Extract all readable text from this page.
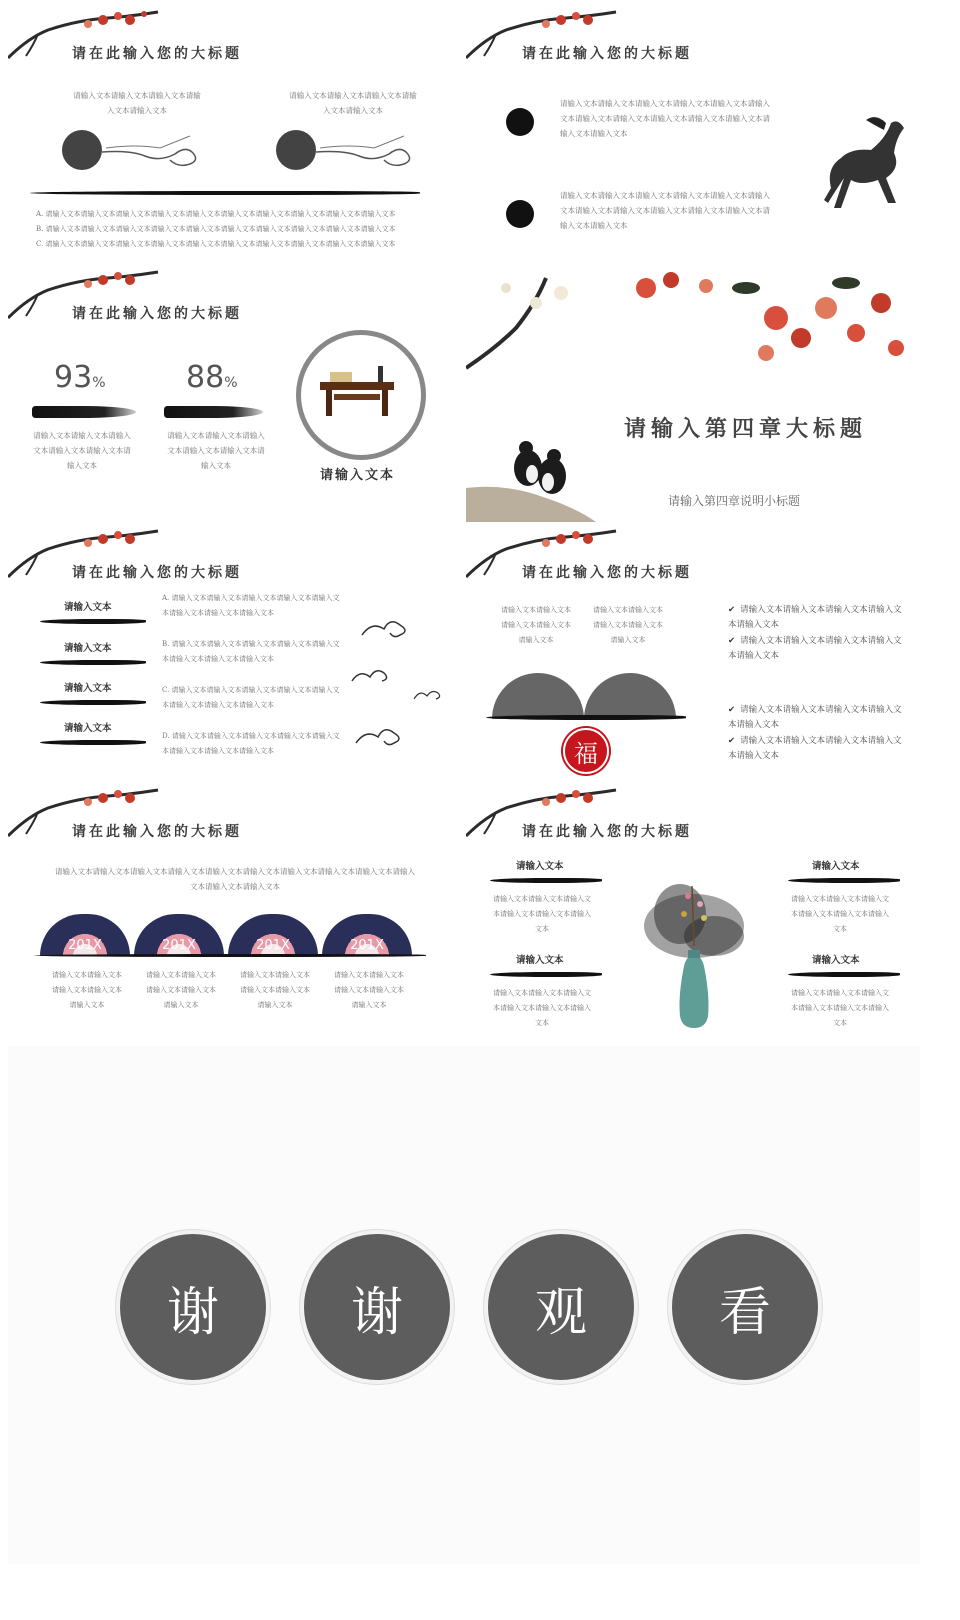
请在此输入您的大标题
请输入文本请输入文本请输入文本请输入文本请输入文本
请输入文本请输入文本请输入文本请输入文本请输入文本
A. 请输入文本请输入文本请输入文本请输入文本请输入文本请输入文本请输入文本请输入文本请输入文本请输入文本
B. 请输入文本请输入文本请输入文本请输入文本请输入文本请输入文本请输入文本请输入文本请输入文本请输入文本
C. 请输入文本请输入文本请输入文本请输入文本请输入文本请输入文本请输入文本请输入文本请输入文本请输入文本
请在此输入您的大标题
请输入文本请输入文本请输入文本请输入文本请输入文本请输入文本请输入文本请输入文本请输入文本请输入文本请输入文本请输入文本请输入文本
请输入文本请输入文本请输入文本请输入文本请输入文本请输入文本请输入文本请输入文本请输入文本请输入文本请输入文本请输入文本请输入文本
请在此输入您的大标题
93%	88%
请输入文本请输入文本请输入文本请输入文本请输入文本请输入文本
请输入文本请输入文本请输入文本请输入文本请输入文本请输入文本
请输入文本
请输入第四章大标题
请输入第四章说明小标题
请在此输入您的大标题
请输入文本
请输入文本
请输入文本
请输入文本
A. 请输入文本请输入文本请输入文本请输入文本请输入文本请输入文本请输入文本请输入文本
B. 请输入文本请输入文本请输入文本请输入文本请输入文本请输入文本请输入文本请输入文本
C. 请输入文本请输入文本请输入文本请输入文本请输入文本请输入文本请输入文本请输入文本
D. 请输入文本请输入文本请输入文本请输入文本请输入文本请输入文本请输入文本请输入文本
请在此输入您的大标题
请输入文本请输入文本请输入文本请输入文本请输入文本
请输入文本请输入文本请输入文本请输入文本请输入文本
福
✔ 请输入文本请输入文本请输入文本请输入文本请输入文本
✔ 请输入文本请输入文本请输入文本请输入文本请输入文本
✔ 请输入文本请输入文本请输入文本请输入文本请输入文本
✔ 请输入文本请输入文本请输入文本请输入文本请输入文本
请在此输入您的大标题
请输入文本请输入文本请输入文本请输入文本请输入文本请输入文本请输入文本请输入文本请输入文本请输入文本请输入文本请输入文本
201X	201X	201X	201X
请输入文本请输入文本请输入文本请输入文本请输入文本
请输入文本请输入文本请输入文本请输入文本请输入文本
请输入文本请输入文本请输入文本请输入文本请输入文本
请输入文本请输入文本请输入文本请输入文本请输入文本
请在此输入您的大标题
请输入文本
请输入文本请输入文本请输入文本请输入文本请输入文本请输入文本
请输入文本
请输入文本请输入文本请输入文本请输入文本请输入文本请输入文本
请输入文本
请输入文本请输入文本请输入文本请输入文本请输入文本请输入文本
请输入文本
请输入文本请输入文本请输入文本请输入文本请输入文本请输入文本
谢	谢	观	看
